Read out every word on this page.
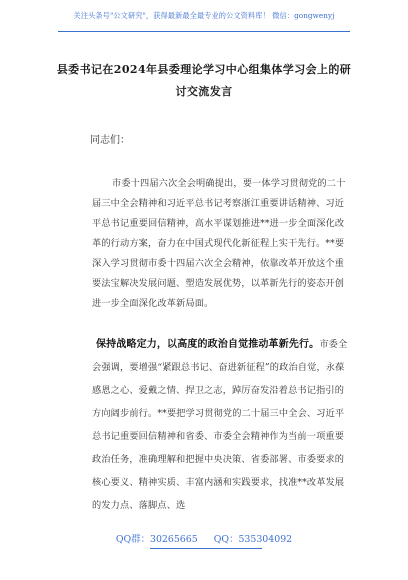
关注头条号"公文研究"，获得最新最全最专业的公文资料库！ 微信：gongwenyj
县委书记在2024年县委理论学习中心组集体学习会上的研
讨交流发言
同志们：

市委十四届六次全会明确提出，要一体学习贯彻党的二十届三中全会精神和习近平总书记考察浙江重要讲话精神、习近平总书记重要回信精神，高水平谋划推进**进一步全面深化改革的行动方案，奋力在中国式现代化新征程上实干先行。**要深入学习贯彻市委十四届六次全会精神，依靠改革开放这个重要法宝解决发展问题、塑造发展优势，以革新先行的姿态开创进一步全面深化改革新局面。

保持战略定力，以高度的政治自觉推动革新先行。市委全会强调，要增强“紧跟总书记、奋进新征程”的政治自觉，永葆感恩之心、爱戴之情、捍卫之志，踔厉奋发沿着总书记指引的方向阔步前行。**要把学习贯彻党的二十届三中全会、习近平总书记重要回信精神和省委、市委全会精神作为当前一项重要政治任务，准确理解和把握中央决策、省委部署、市委要求的核心要义、精神实质、丰富内涵和实践要求，找准**改革发展的发力点、落脚点、选

QQ群：30265665 QQ：535304092
